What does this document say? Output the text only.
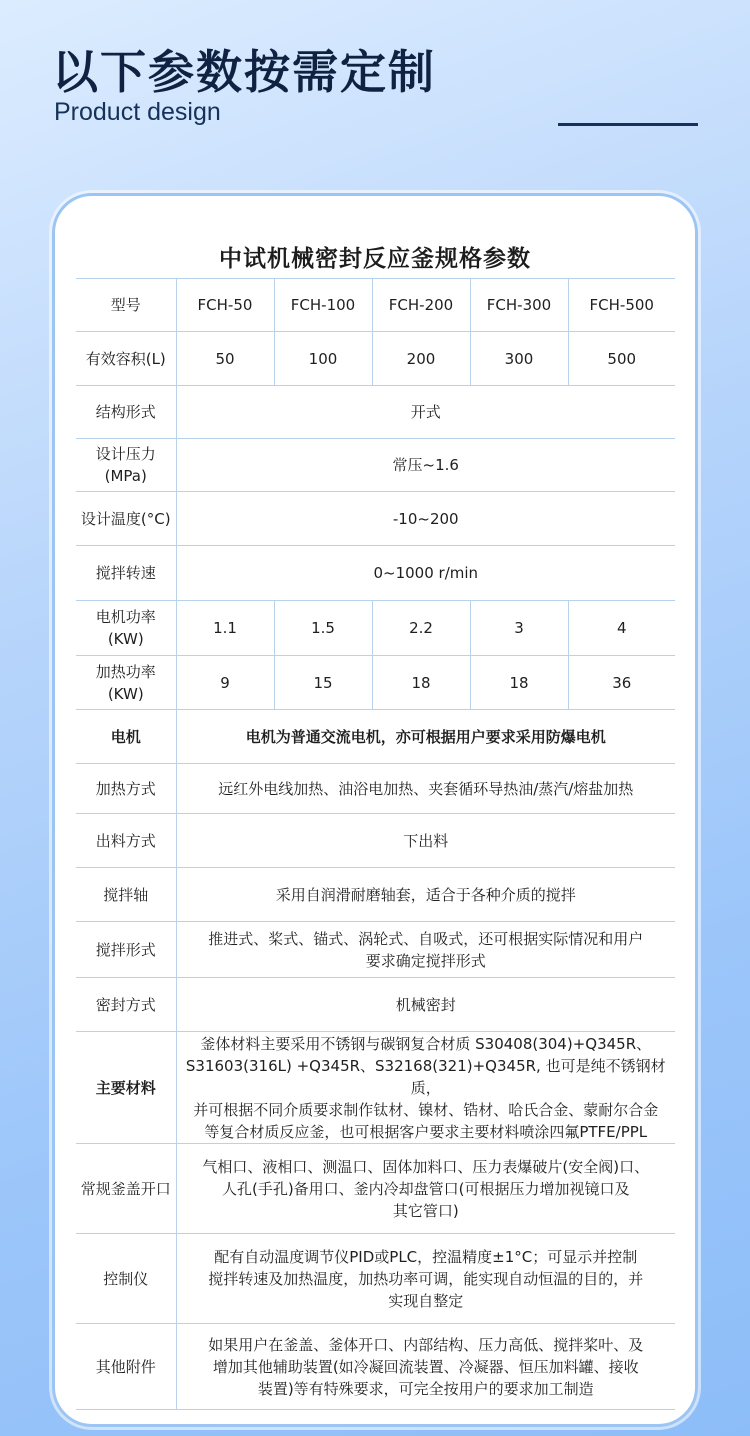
以下参数按需定制
Product design
中试机械密封反应釜规格参数
型号	FCH-50	FCH-100	FCH-200	FCH-300	FCH-500
有效容积(L)	50	100	200	300	500
结构形式	开式				
设计压力(MPa)	常压~1.6				
设计温度(°C)	-10~200				
搅拌转速	0~1000 r/min				
电机功率(KW)	1.1	1.5	2.2	3	4
加热功率(KW)	9	15	18	18	36
电机	电机为普通交流电机，亦可根据用户要求采用防爆电机				
加热方式	远红外电线加热、油浴电加热、夹套循环导热油/蒸汽/熔盐加热				
出料方式	下出料				
搅拌轴	采用自润滑耐磨轴套，适合于各种介质的搅拌				
搅拌形式	推进式、桨式、锚式、涡轮式、自吸式，还可根据实际情况和用户
要求确定搅拌形式				

密封方式	机械密封				
主要材料	釜体材料主要采用不锈钢与碳钢复合材质 S30408(304)+Q345R、
S31603(316L) +Q345R、S32168(321)+Q345R, 也可是纯不锈钢材质，
并可根据不同介质要求制作钛材、镍材、锆材、哈氏合金、蒙耐尔合金
等复合材质反应釜，也可根据客户要求主要材料喷涂四氟PTFE/PPL				

常规釜盖开口	气相口、液相口、测温口、固体加料口、压力表爆破片(安全阀)口、
人孔(手孔)备用口、釜内冷却盘管口(可根据压力增加视镜口及
其它管口)				

控制仪	配有自动温度调节仪PID或PLC，控温精度±1°C；可显示并控制
搅拌转速及加热温度，加热功率可调，能实现自动恒温的目的，并
实现自整定				

其他附件	如果用户在釜盖、釜体开口、内部结构、压力高低、搅拌桨叶、及
增加其他辅助装置(如冷凝回流装置、冷凝器、恒压加料罐、接收
装置)等有特殊要求，可完全按用户的要求加工制造				
